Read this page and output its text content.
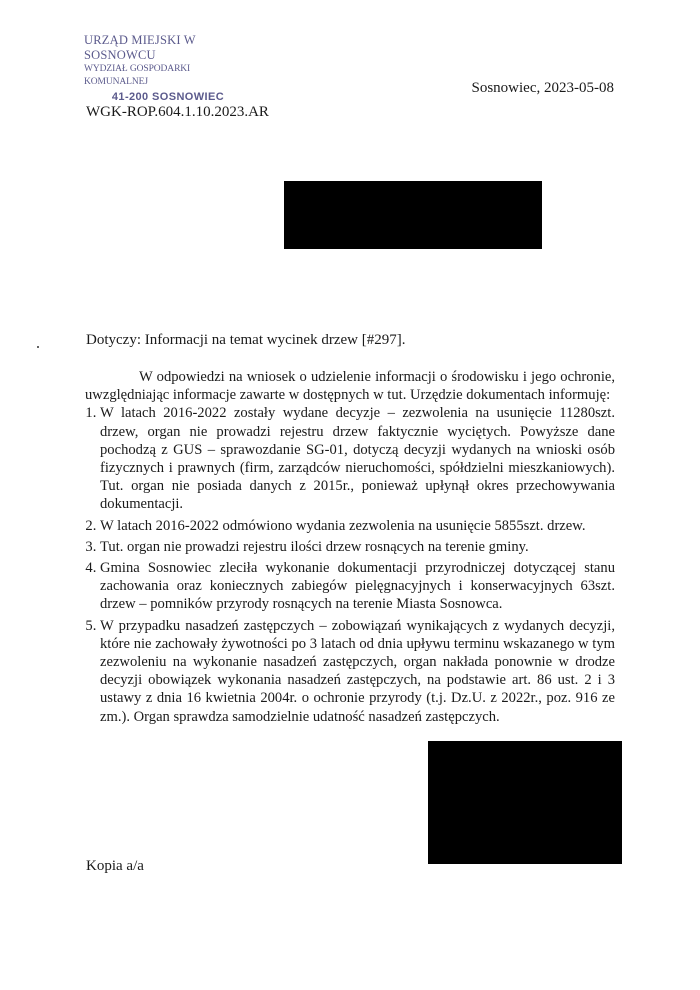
URZĄD MIEJSKI W SOSNOWCU
WYDZIAŁ GOSPODARKI KOMUNALNEJ
41-200 SOSNOWIEC
Sosnowiec, 2023-05-08
WGK-ROP.604.1.10.2023.AR
Dotyczy: Informacji na temat wycinek drzew [#297].

W odpowiedzi na wniosek o udzielenie informacji o środowisku i jego ochronie, uwzględniając informacje zawarte w dostępnych w tut. Urzędzie dokumentach informuję:

1. W latach 2016-2022 zostały wydane decyzje – zezwolenia na usunięcie 11280szt. drzew, organ nie prowadzi rejestru drzew faktycznie wyciętych. Powyższe dane pochodzą z GUS – sprawozdanie SG-01, dotyczą decyzji wydanych na wnioski osób fizycznych i prawnych (firm, zarządców nieruchomości, spółdzielni mieszkaniowych). Tut. organ nie posiada danych z 2015r., ponieważ upłynął okres przechowywania dokumentacji.
2. W latach 2016-2022 odmówiono wydania zezwolenia na usunięcie 5855szt. drzew.
3. Tut. organ nie prowadzi rejestru ilości drzew rosnących na terenie gminy.
4. Gmina Sosnowiec zleciła wykonanie dokumentacji przyrodniczej dotyczącej stanu zachowania oraz koniecznych zabiegów pielęgnacyjnych i konserwacyjnych 63szt. drzew – pomników przyrody rosnących na terenie Miasta Sosnowca.
5. W przypadku nasadzeń zastępczych – zobowiązań wynikających z wydanych decyzji, które nie zachowały żywotności po 3 latach od dnia upływu terminu wskazanego w tym zezwoleniu na wykonanie nasadzeń zastępczych, organ nakłada ponownie w drodze decyzji obowiązek wykonania nasadzeń zastępczych, na podstawie art. 86 ust. 2 i 3 ustawy z dnia 16 kwietnia 2004r. o ochronie przyrody (t.j. Dz.U. z 2022r., poz. 916 ze zm.). Organ sprawdza samodzielnie udatność nasadzeń zastępczych.
Kopia a/a
